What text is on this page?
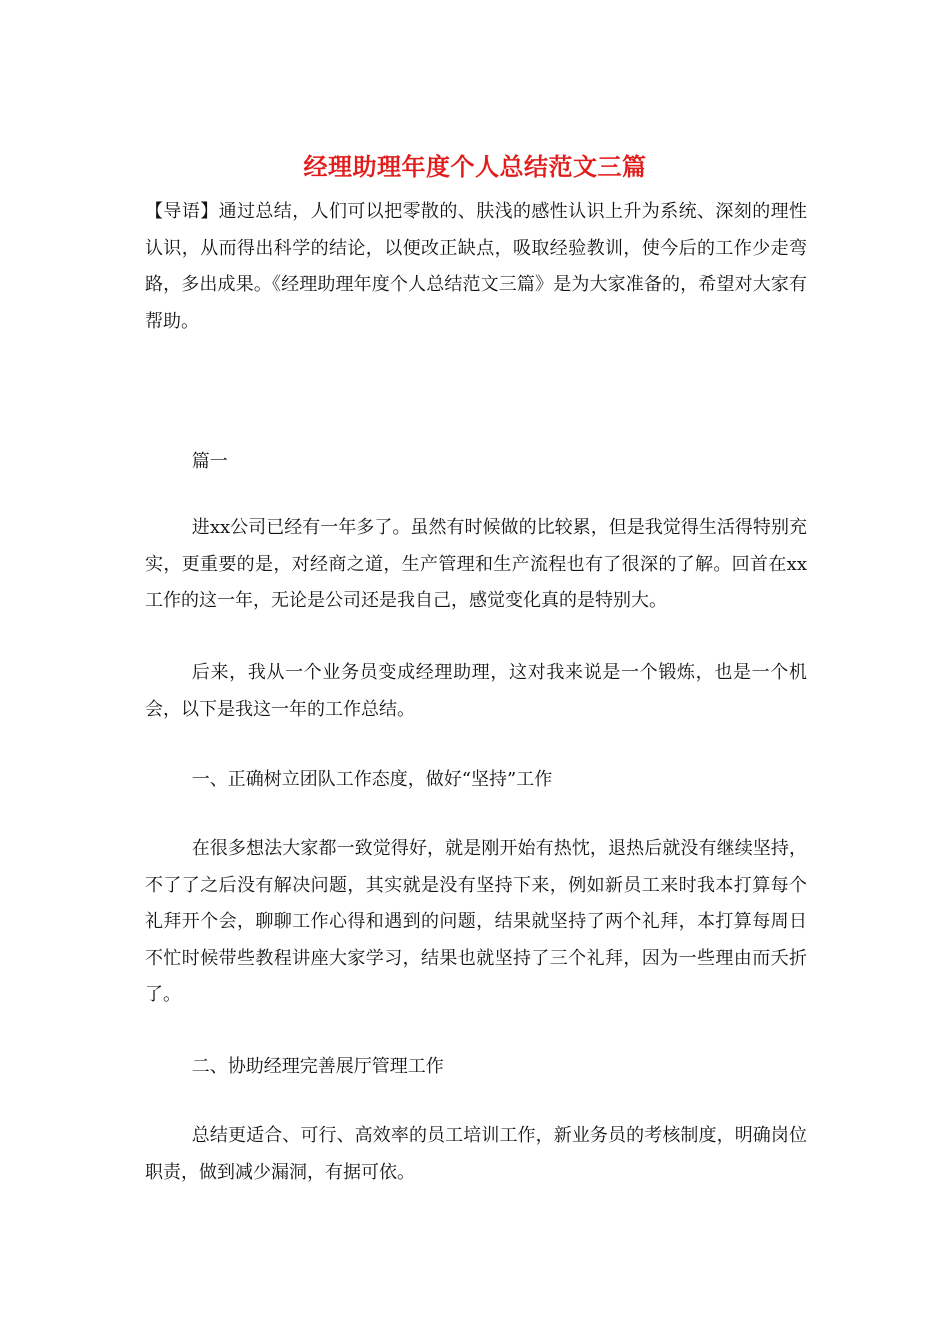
经理助理年度个人总结范文三篇

【导语】通过总结，人们可以把零散的、肤浅的感性认识上升为系统、深刻的理性认识，从而得出科学的结论，以便改正缺点，吸取经验教训，使今后的工作少走弯路，多出成果。《经理助理年度个人总结范文三篇》是为大家准备的，希望对大家有帮助。

篇一

进xx公司已经有一年多了。虽然有时候做的比较累，但是我觉得生活得特别充实，更重要的是，对经商之道，生产管理和生产流程也有了很深的了解。回首在xx工作的这一年，无论是公司还是我自己，感觉变化真的是特别大。

后来，我从一个业务员变成经理助理，这对我来说是一个锻炼，也是一个机会，以下是我这一年的工作总结。

一、正确树立团队工作态度，做好“坚持”工作

在很多想法大家都一致觉得好，就是刚开始有热忱，退热后就没有继续坚持，不了了之后没有解决问题，其实就是没有坚持下来，例如新员工来时我本打算每个礼拜开个会，聊聊工作心得和遇到的问题，结果就坚持了两个礼拜，本打算每周日不忙时候带些教程讲座大家学习，结果也就坚持了三个礼拜，因为一些理由而夭折了。

二、协助经理完善展厅管理工作

总结更适合、可行、高效率的员工培训工作，新业务员的考核制度，明确岗位职责，做到减少漏洞，有据可依。
